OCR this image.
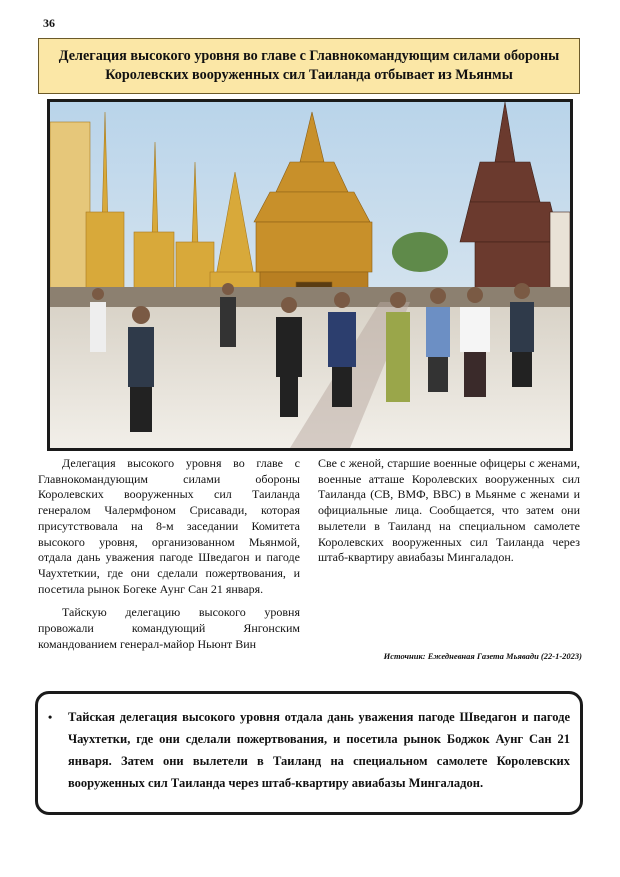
36
Делегация высокого уровня во главе с Главнокомандующим силами обороны Королевских вооруженных сил Таиланда отбывает из Мьянмы

Делегация высокого уровня во главе с Главнокомандующим силами обороны Королевских вооруженных сил Таиланда генералом Чалермфоном Срисавади, которая присутствовала на 8-м заседании Комитета высокого уровня, организованном Мьянмой, отдала дань уважения пагоде Шведагон и пагоде Чаухтеткии, где они сделали пожертвования, и посетила рынок Богеке Аунг Сан 21 января.

Тайскую делегацию высокого уровня провожали командующий Янгонским командованием генерал-майор Ньюнт Вин

Све с женой, старшие военные офицеры с женами, военные атташе Королевских вооруженных сил Таиланда (СВ, ВМФ, ВВС) в Мьянме с женами и официальные лица. Сообщается, что затем они вылетели в Таиланд на специальном самолете Королевских вооруженных сил Таиланда через штаб-квартиру авиабазы Мингаладон.

Источник: Ежедневная Газета Мьявади (22-1-2023)
• Тайская делегация высокого уровня отдала дань уважения пагоде Шведагон и пагоде Чаухтетки, где они сделали пожертвования, и посетила рынок Боджок Аунг Сан 21 января. Затем они вылетели в Таиланд на специальном самолете Королевских вооруженных сил Таиланда через штаб-квартиру авиабазы Мингаладон.
